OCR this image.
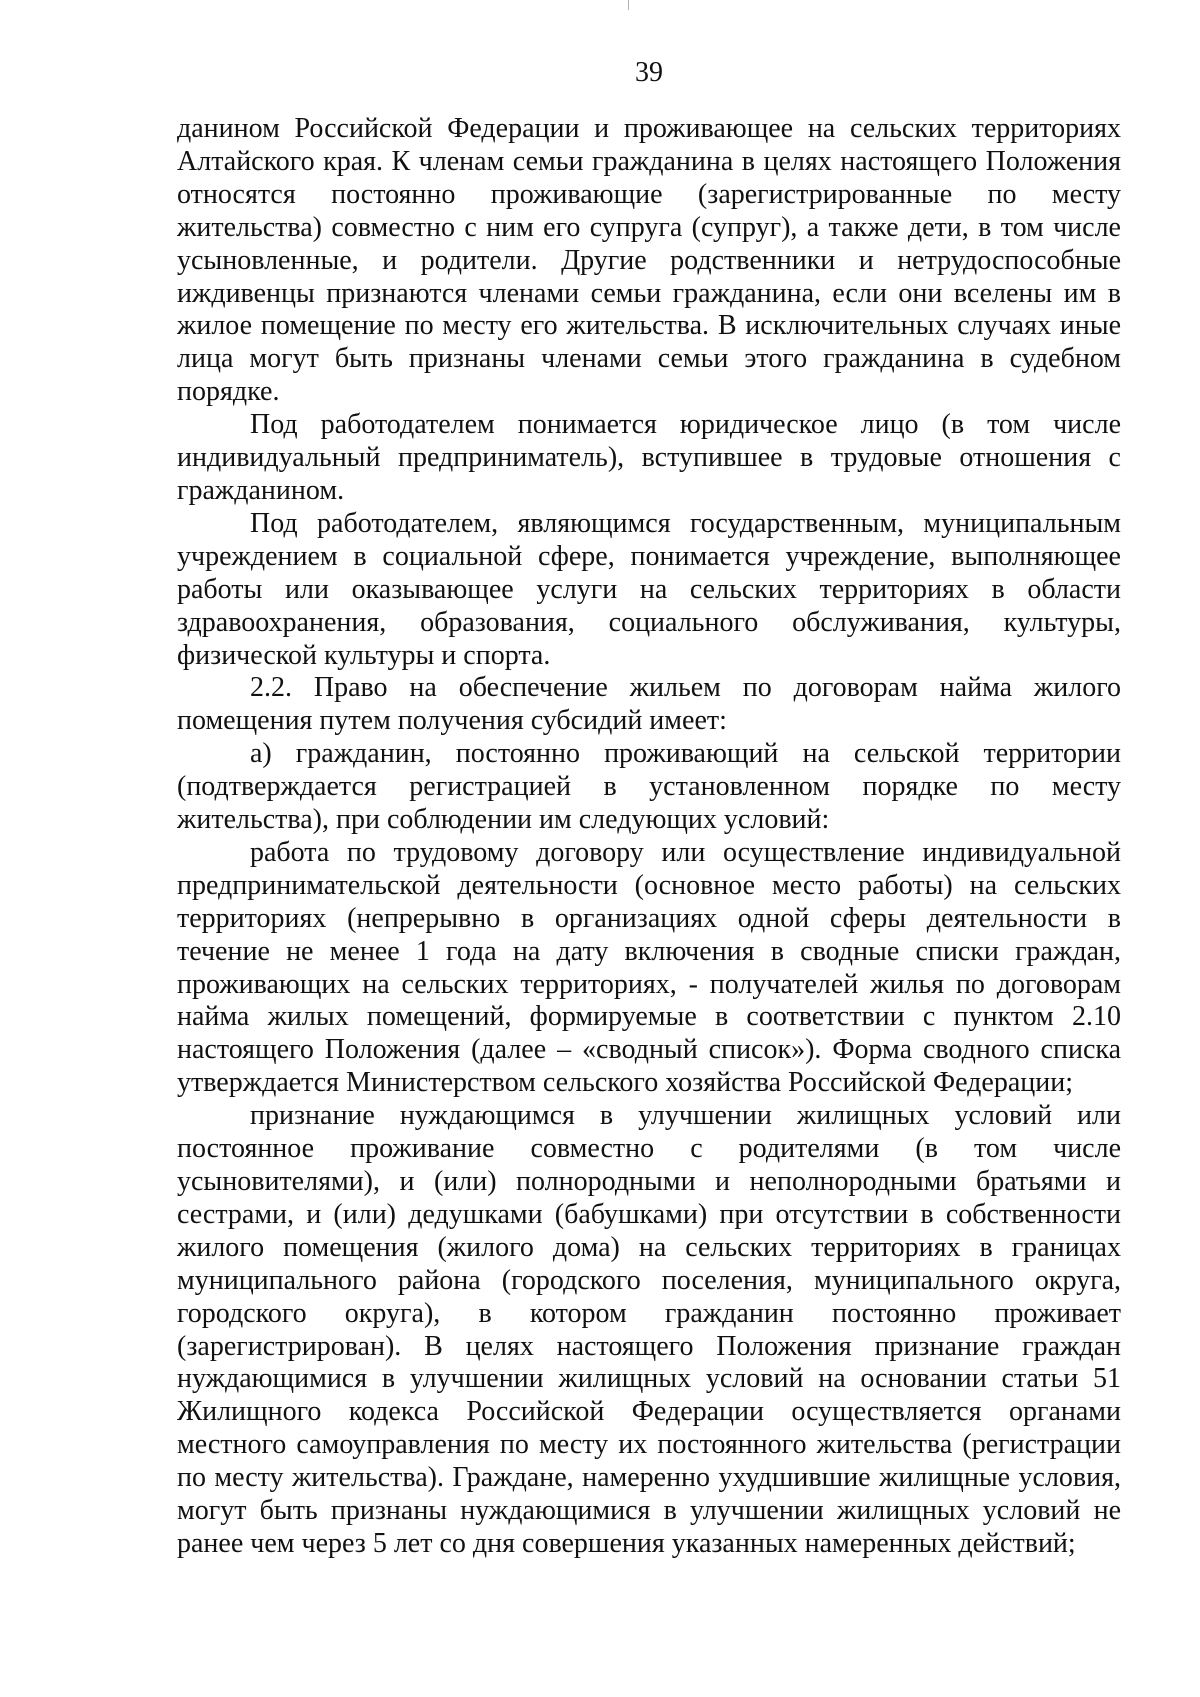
39

данином Российской Федерации и проживающее на сельских территориях Алтайского края. К членам семьи гражданина в целях настоящего Положения относятся постоянно проживающие (зарегистрированные по месту жительства) совместно с ним его супруга (супруг), а также дети, в том числе усыновленные, и родители. Другие родственники и нетрудоспособные иждивенцы признаются членами семьи гражданина, если они вселены им в жилое помещение по месту его жительства. В исключительных случаях иные лица могут быть признаны членами семьи этого гражданина в судебном порядке.

Под работодателем понимается юридическое лицо (в том числе индивидуальный предприниматель), вступившее в трудовые отношения с гражданином.

Под работодателем, являющимся государственным, муниципальным учреждением в социальной сфере, понимается учреждение, выполняющее работы или оказывающее услуги на сельских территориях в области здравоохранения, образования, социального обслуживания, культуры, физической культуры и спорта.

2.2. Право на обеспечение жильем по договорам найма жилого помещения путем получения субсидий имеет:

а) гражданин, постоянно проживающий на сельской территории (подтверждается регистрацией в установленном порядке по месту жительства), при соблюдении им следующих условий:

работа по трудовому договору или осуществление индивидуальной предпринимательской деятельности (основное место работы) на сельских территориях (непрерывно в организациях одной сферы деятельности в течение не менее 1 года на дату включения в сводные списки граждан, проживающих на сельских территориях, - получателей жилья по договорам найма жилых помещений, формируемые в соответствии с пунктом 2.10 настоящего Положения (далее – «сводный список»). Форма сводного списка утверждается Министерством сельского хозяйства Российской Федерации;

признание нуждающимся в улучшении жилищных условий или постоянное проживание совместно с родителями (в том числе усыновителями), и (или) полнородными и неполнородными братьями и сестрами, и (или) дедушками (бабушками) при отсутствии в собственности жилого помещения (жилого дома) на сельских территориях в границах муниципального района (городского поселения, муниципального округа, городского округа), в котором гражданин постоянно проживает (зарегистрирован). В целях настоящего Положения признание граждан нуждающимися в улучшении жилищных условий на основании статьи 51 Жилищного кодекса Российской Федерации осуществляется органами местного самоуправления по месту их постоянного жительства (регистрации по месту жительства). Граждане, намеренно ухудшившие жилищные условия, могут быть признаны нуждающимися в улучшении жилищных условий не ранее чем через 5 лет со дня совершения указанных намеренных действий;
